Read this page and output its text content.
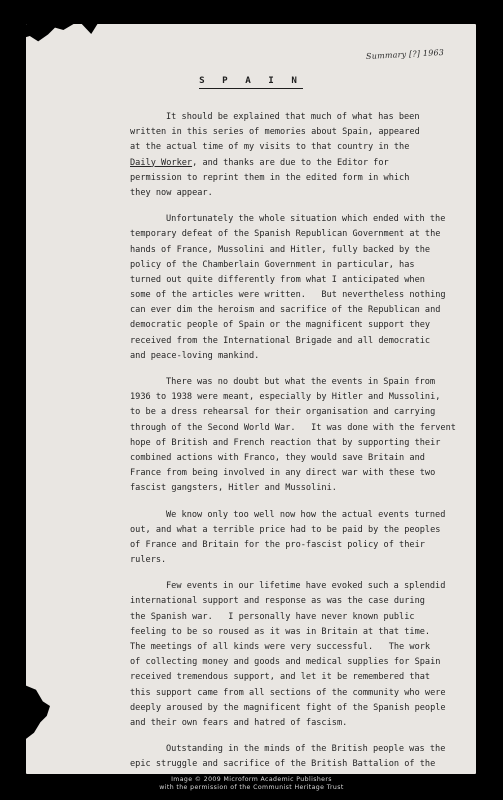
Summary [?] 1963
S P A I N
It should be explained that much of what has been
written in this series of memories about Spain, appeared
at the actual time of my visits to that country in the
Daily Worker, and thanks are due to the Editor for
permission to reprint them in the edited form in which
they now appear.
Unfortunately the whole situation which ended with the
temporary defeat of the Spanish Republican Government at the
hands of France, Mussolini and Hitler, fully backed by the
policy of the Chamberlain Government in particular, has
turned out quite differently from what I anticipated when
some of the articles were written.   But nevertheless nothing
can ever dim the heroism and sacrifice of the Republican and
democratic people of Spain or the magnificent support they
received from the International Brigade and all democratic
and peace-loving mankind.
There was no doubt but what the events in Spain from
1936 to 1938 were meant, especially by Hitler and Mussolini,
to be a dress rehearsal for their organisation and carrying
through of the Second World War.   It was done with the fervent
hope of British and French reaction that by supporting their
combined actions with Franco, they would save Britain and
France from being involved in any direct war with these two
fascist gangsters, Hitler and Mussolini.
We know only too well now how the actual events turned
out, and what a terrible price had to be paid by the peoples
of France and Britain for the pro-fascist policy of their
rulers.
Few events in our lifetime have evoked such a splendid
international support and response as was the case during
the Spanish war.   I personally have never known public
feeling to be so roused as it was in Britain at that time.
The meetings of all kinds were very successful.   The work
of collecting money and goods and medical supplies for Spain
received tremendous support, and let it be remembered that
this support came from all sections of the community who were
deeply aroused by the magnificent fight of the Spanish people
and their own fears and hatred of fascism.
Outstanding in the minds of the British people was the
epic struggle and sacrifice of the British Battalion of the
Image © 2009 Microform Academic Publishers
with the permission of the Communist Heritage Trust
